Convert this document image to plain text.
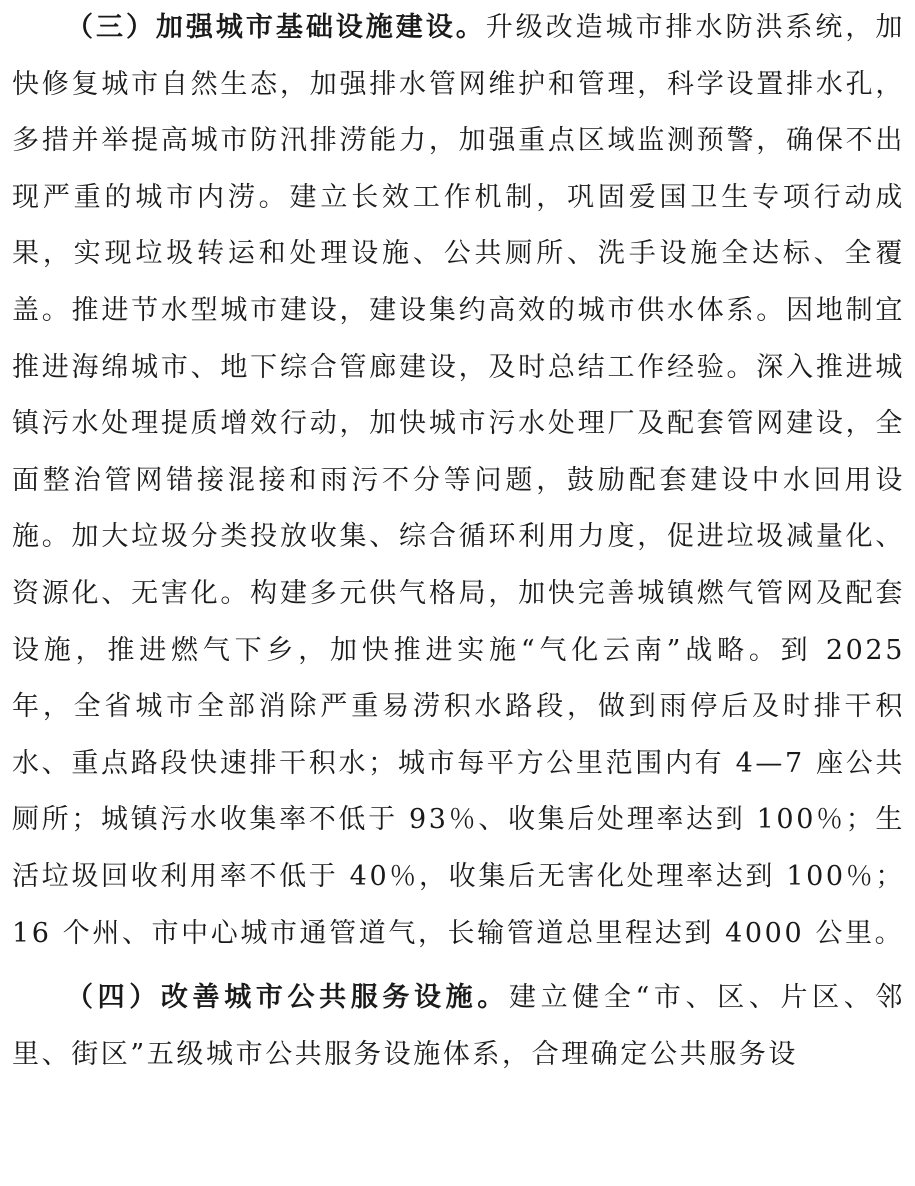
（三）加强城市基础设施建设。升级改造城市排水防洪系统，加快修复城市自然生态，加强排水管网维护和管理，科学设置排水孔，多措并举提高城市防汛排涝能力，加强重点区域监测预警，确保不出现严重的城市内涝。建立长效工作机制，巩固爱国卫生专项行动成果，实现垃圾转运和处理设施、公共厕所、洗手设施全达标、全覆盖。推进节水型城市建设，建设集约高效的城市供水体系。因地制宜推进海绵城市、地下综合管廊建设，及时总结工作经验。深入推进城镇污水处理提质增效行动，加快城市污水处理厂及配套管网建设，全面整治管网错接混接和雨污不分等问题，鼓励配套建设中水回用设施。加大垃圾分类投放收集、综合循环利用力度，促进垃圾减量化、资源化、无害化。构建多元供气格局，加快完善城镇燃气管网及配套设施，推进燃气下乡，加快推进实施“气化云南”战略。到 2025 年，全省城市全部消除严重易涝积水路段，做到雨停后及时排干积水、重点路段快速排干积水；城市每平方公里范围内有 4—7 座公共厕所；城镇污水收集率不低于 93％、收集后处理率达到 100％；生活垃圾回收利用率不低于 40％，收集后无害化处理率达到 100％；16 个州、市中心城市通管道气，长输管道总里程达到 4000 公里。

（四）改善城市公共服务设施。建立健全“市、区、片区、邻里、街区”五级城市公共服务设施体系，合理确定公共服务设
